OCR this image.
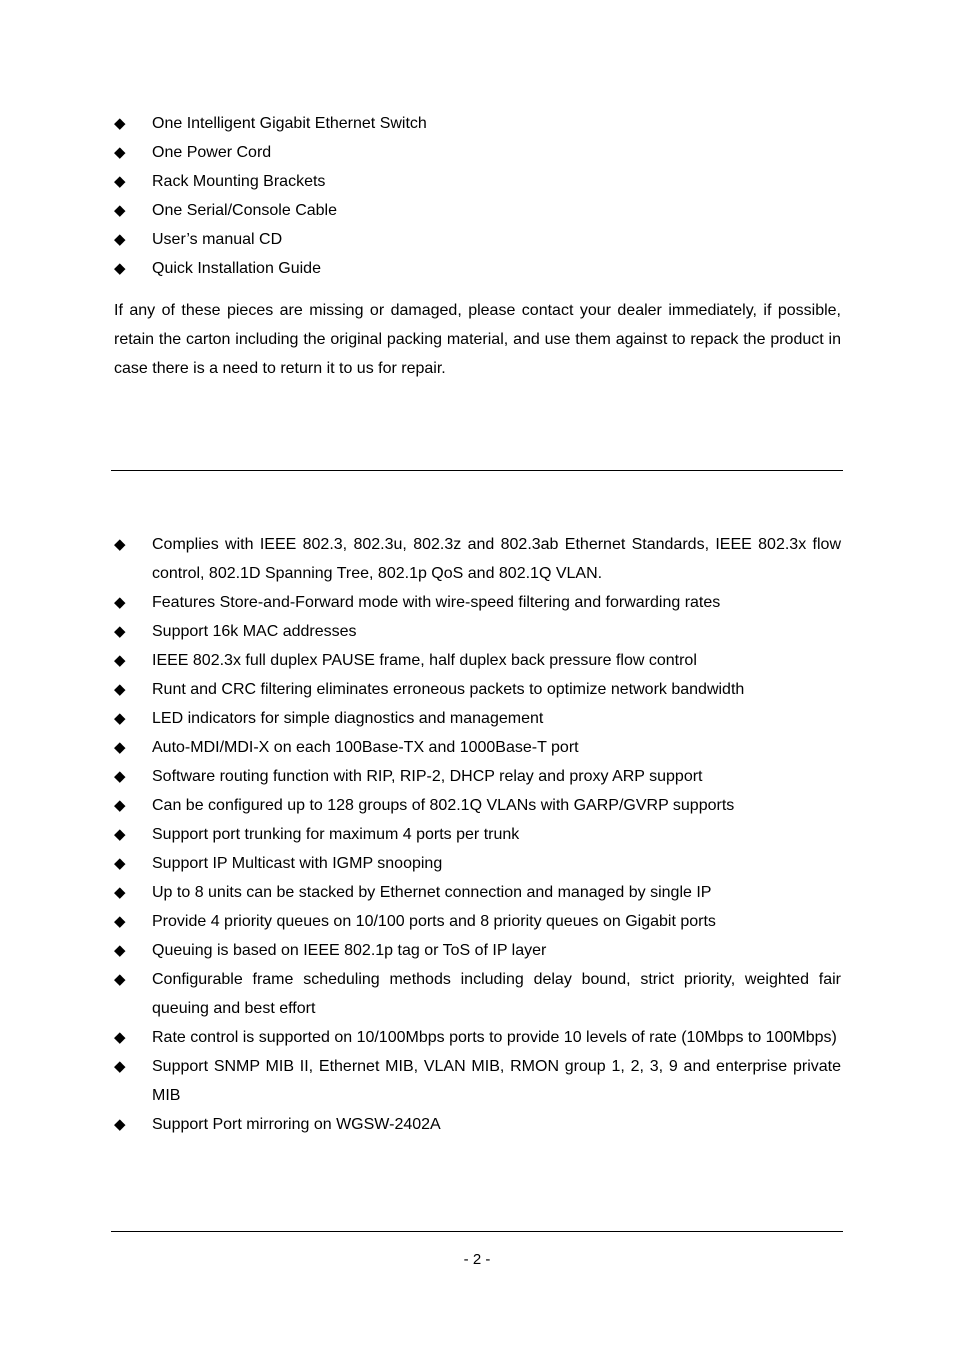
◆ One Intelligent Gigabit Ethernet Switch
◆ One Power Cord
◆ Rack Mounting Brackets
◆ One Serial/Console Cable
◆ User’s manual CD
◆ Quick Installation Guide

If any of these pieces are missing or damaged, please contact your dealer immediately, if possible, retain the carton including the original packing material, and use them against to repack the product in case there is a need to return it to us for repair.

◆ Complies with IEEE 802.3, 802.3u, 802.3z and 802.3ab Ethernet Standards, IEEE 802.3x flow control, 802.1D Spanning Tree, 802.1p QoS and 802.1Q VLAN.
◆ Features Store-and-Forward mode with wire-speed filtering and forwarding rates
◆ Support 16k MAC addresses
◆ IEEE 802.3x full duplex PAUSE frame, half duplex back pressure flow control
◆ Runt and CRC filtering eliminates erroneous packets to optimize network bandwidth
◆ LED indicators for simple diagnostics and management
◆ Auto-MDI/MDI-X on each 100Base-TX and 1000Base-T port
◆ Software routing function with RIP, RIP-2, DHCP relay and proxy ARP support
◆ Can be configured up to 128 groups of 802.1Q VLANs with GARP/GVRP supports
◆ Support port trunking for maximum 4 ports per trunk
◆ Support IP Multicast with IGMP snooping
◆ Up to 8 units can be stacked by Ethernet connection and managed by single IP
◆ Provide 4 priority queues on 10/100 ports and 8 priority queues on Gigabit ports
◆ Queuing is based on IEEE 802.1p tag or ToS of IP layer
◆ Configurable frame scheduling methods including delay bound, strict priority, weighted fair queuing and best effort
◆ Rate control is supported on 10/100Mbps ports to provide 10 levels of rate (10Mbps to 100Mbps)
◆ Support SNMP MIB II, Ethernet MIB, VLAN MIB, RMON group 1, 2, 3, 9 and enterprise private MIB
◆ Support Port mirroring on WGSW-2402A
- 2 -
